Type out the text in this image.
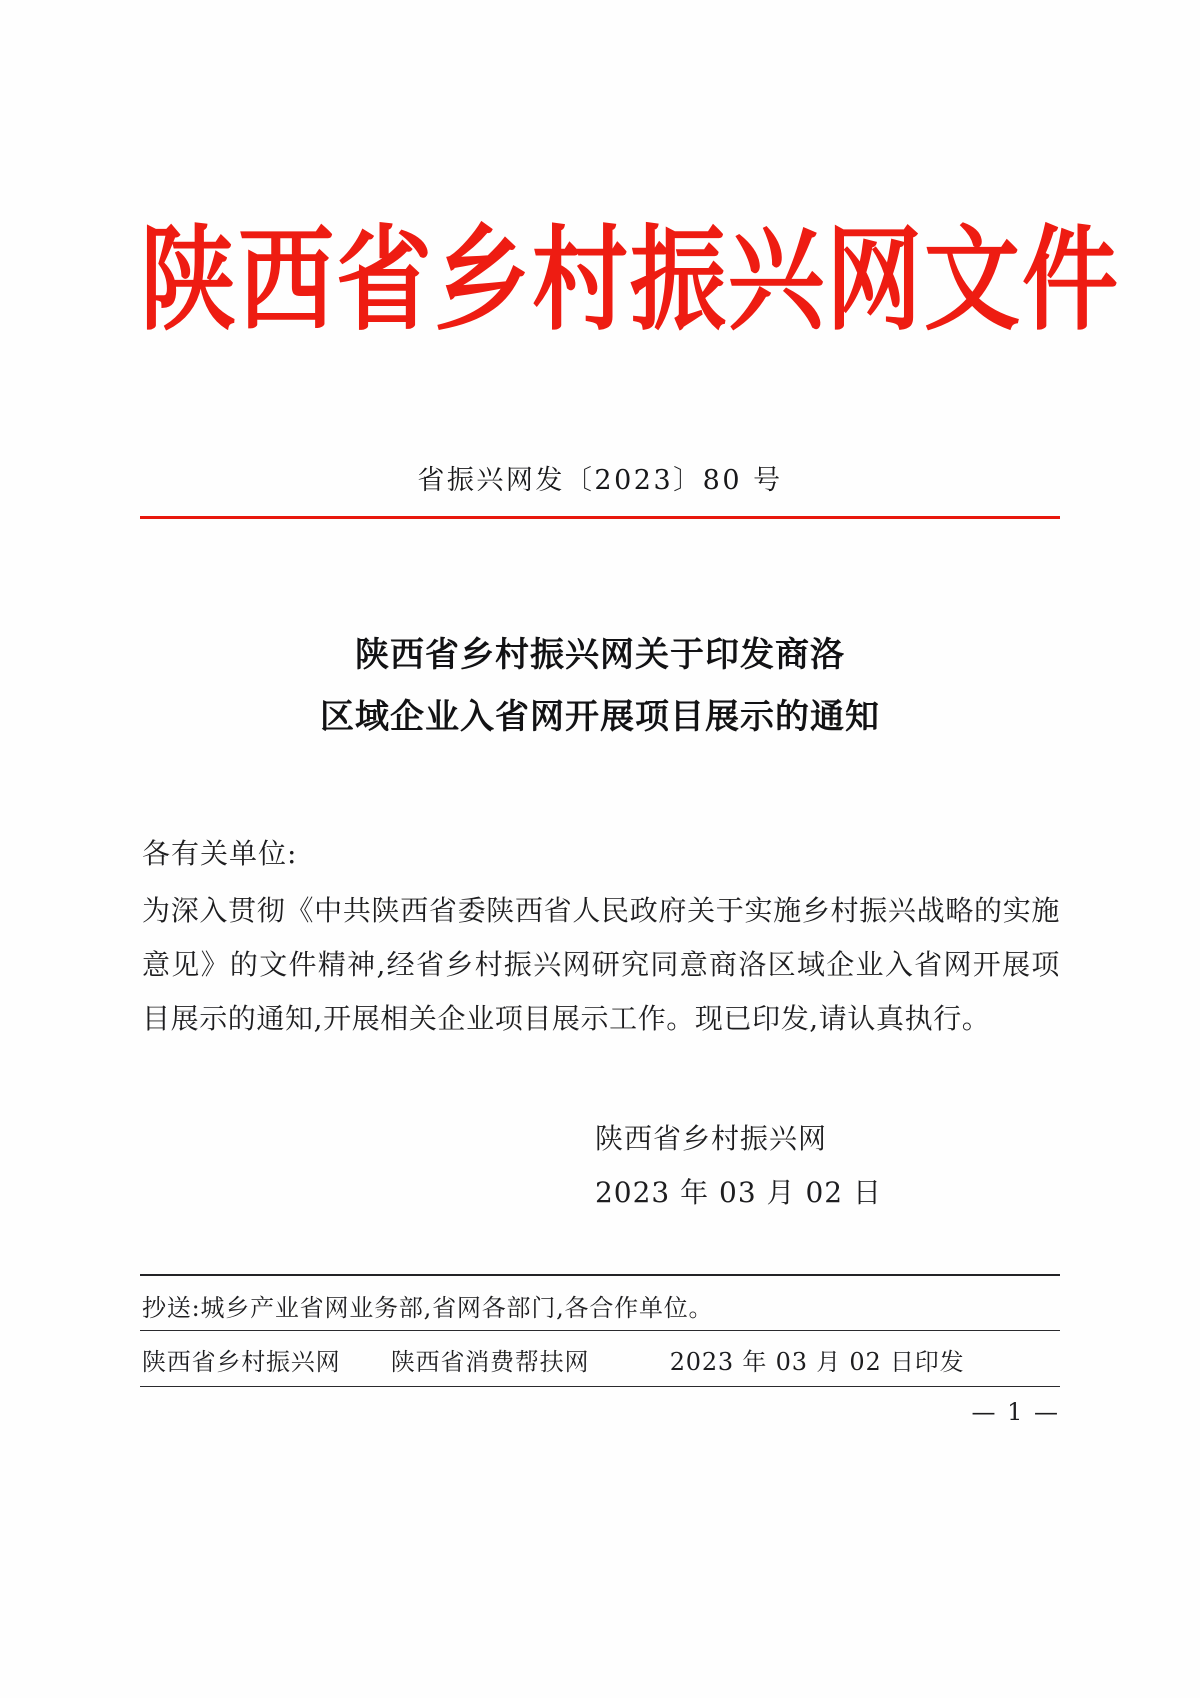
陕西省乡村振兴网文件
省振兴网发〔2023〕80 号
陕西省乡村振兴网关于印发商洛
区域企业入省网开展项目展示的通知
各有关单位:

为深入贯彻《中共陕西省委陕西省人民政府关于实施乡村振兴战略的实施意见》的文件精神,经省乡村振兴网研究同意商洛区域企业入省网开展项目展示的通知,开展相关企业项目展示工作。现已印发,请认真执行。

陕西省乡村振兴网
2023 年 03 月 02 日
抄送:城乡产业省网业务部,省网各部门,各合作单位。
陕西省乡村振兴网 陕西省消费帮扶网	2023 年 03 月 02 日印发
— 1 —
